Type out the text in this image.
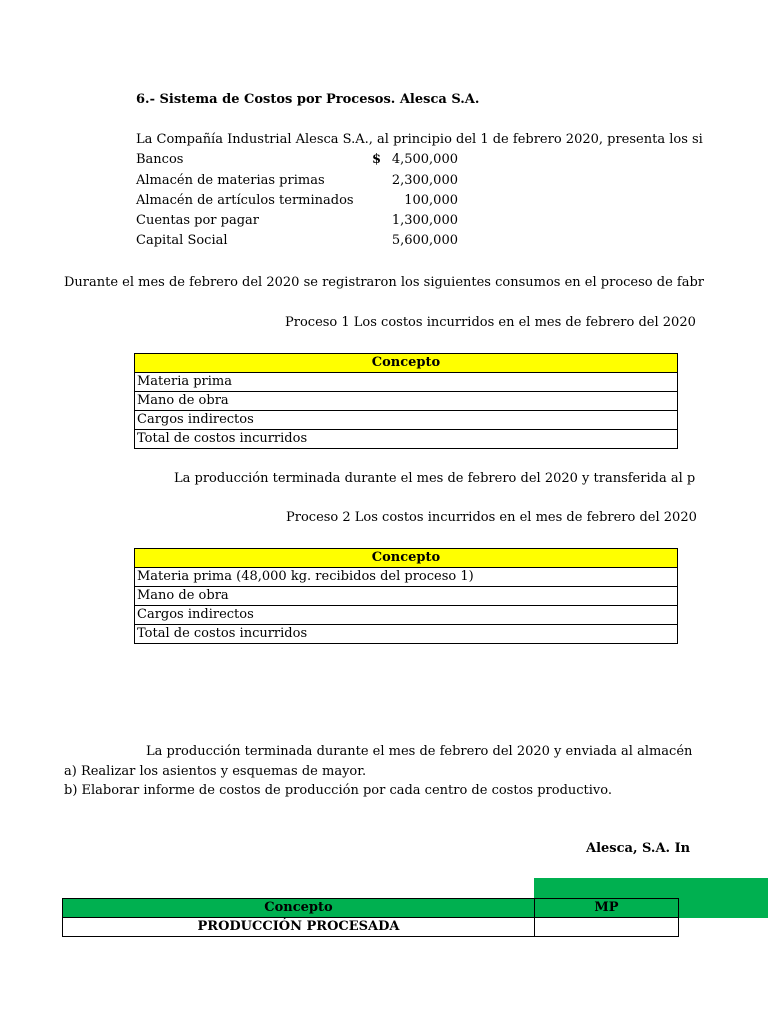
6.- Sistema de Costos por Procesos. Alesca S.A.
La Compañía Industrial Alesca S.A., al principio del 1 de febrero 2020, presenta los si
Bancos	$ 4,500,000
Almacén de materias primas	2,300,000
Almacén de artículos terminados	100,000
Cuentas por pagar	1,300,000
Capital Social	5,600,000
Durante el mes de febrero del 2020 se registraron los siguientes consumos en el proceso de fabr
Proceso 1 Los costos incurridos en el mes de febrero del 2020
Concepto
Materia prima
Mano de obra
Cargos indirectos
Total de costos incurridos
La producción terminada durante el mes de febrero del 2020 y transferida al p
Proceso 2 Los costos incurridos en el mes de febrero del 2020
Concepto
Materia prima (48,000 kg. recibidos del proceso 1)
Mano de obra
Cargos indirectos
Total de costos incurridos
La producción terminada durante el mes de febrero del 2020 y enviada al almacén
a) Realizar los asientos y esquemas de mayor.
b) Elaborar informe de costos de producción por cada centro de costos productivo.
Alesca, S.A. In
Concepto	MP
PRODUCCIÓN PROCESADA	
